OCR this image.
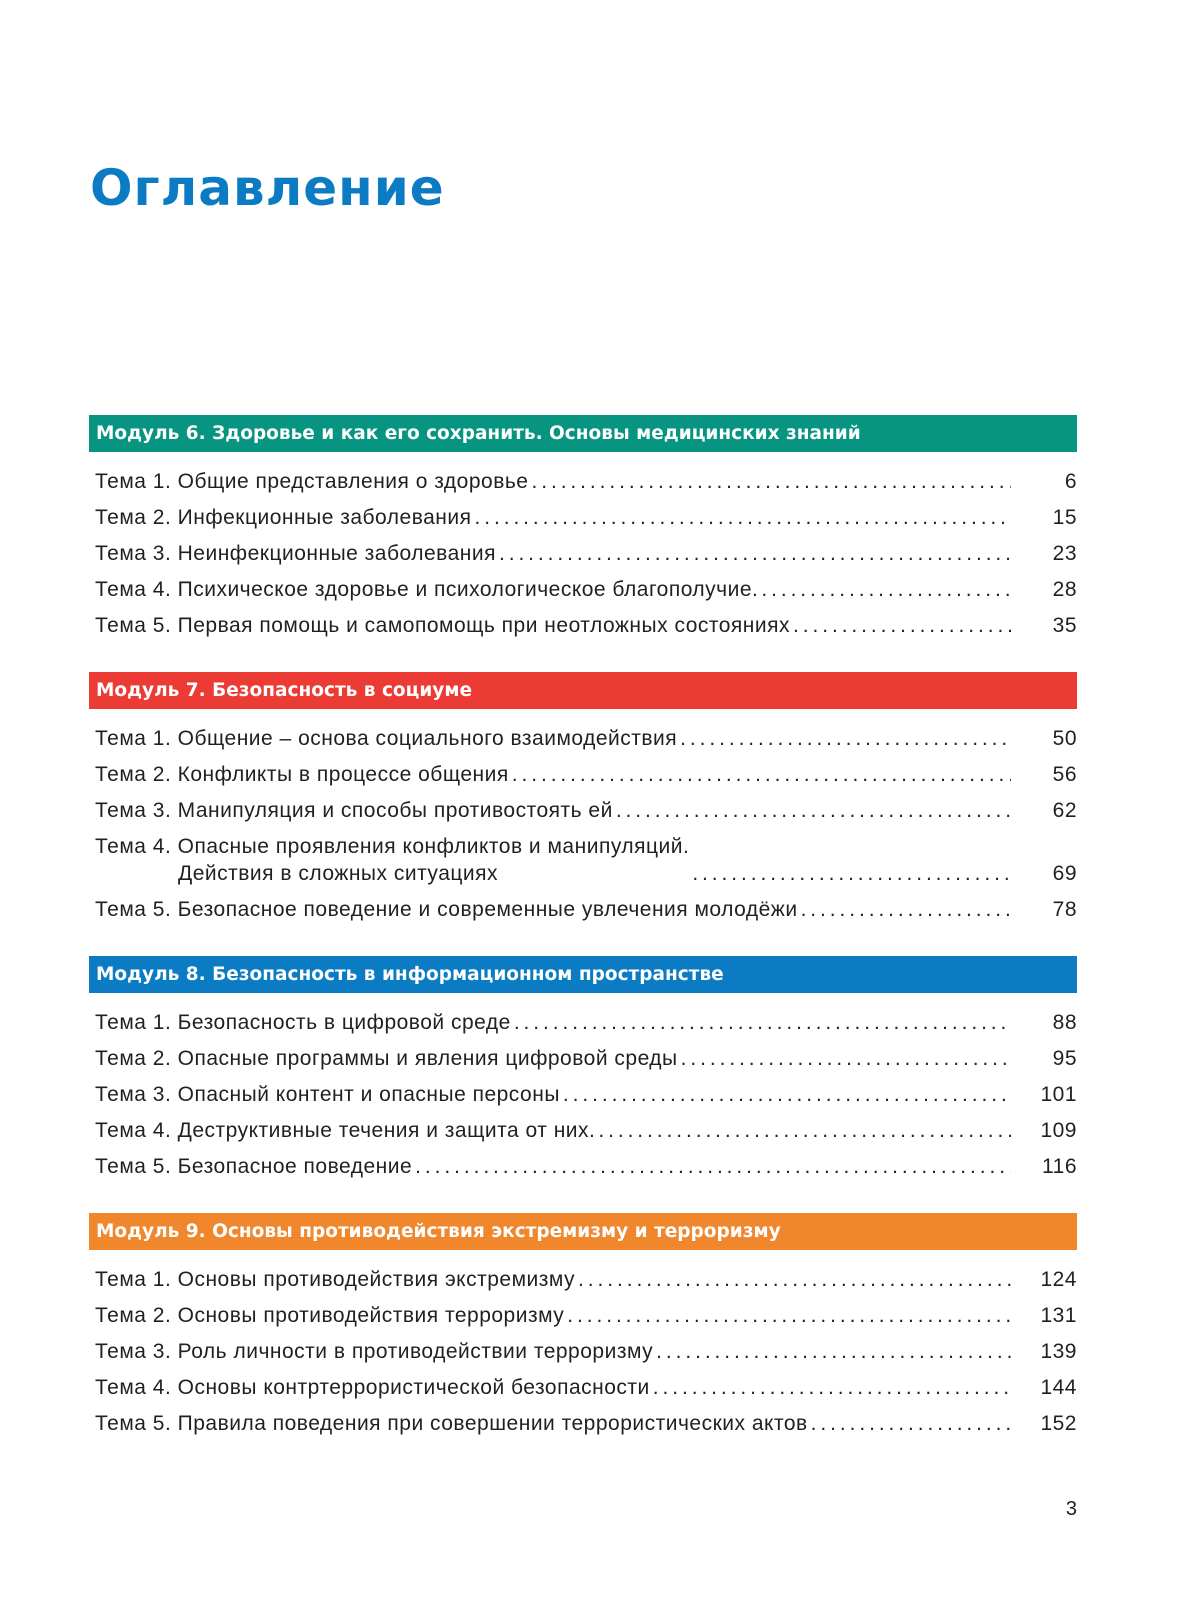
Оглавление
Модуль 6. Здоровье и как его сохранить. Основы медицинских знаний
Тема 1. Общие представления о здоровье .....	6
Тема 2. Инфекционные заболевания .....	15
Тема 3. Неинфекционные заболевания .....	23
Тема 4. Психическое здоровье и психологическое благополучие. .....	28
Тема 5. Первая помощь и самопомощь при неотложных состояниях .....	35
Модуль 7. Безопасность в социуме
Тема 1. Общение – основа социального взаимодействия .....	50
Тема 2. Конфликты в процессе общения .....	56
Тема 3. Манипуляция и способы противостоять ей .....	62
Тема 4. Опасные проявления конфликтов и манипуляций.
Действия в сложных ситуациях .....	69
Тема 5. Безопасное поведение и современные увлечения молодёжи .....	78
Модуль 8. Безопасность в информационном пространстве
Тема 1. Безопасность в цифровой среде .....	88
Тема 2. Опасные программы и явления цифровой среды .....	95
Тема 3. Опасный контент и опасные персоны .....	101
Тема 4. Деструктивные течения и защита от них. .....	109
Тема 5. Безопасное поведение .....	116
Модуль 9. Основы противодействия экстремизму и терроризму
Тема 1. Основы противодействия экстремизму .....	124
Тема 2. Основы противодействия терроризму .....	131
Тема 3. Роль личности в противодействии терроризму .....	139
Тема 4. Основы контртеррористической безопасности .....	144
Тема 5. Правила поведения при совершении террористических актов .....	152
3
